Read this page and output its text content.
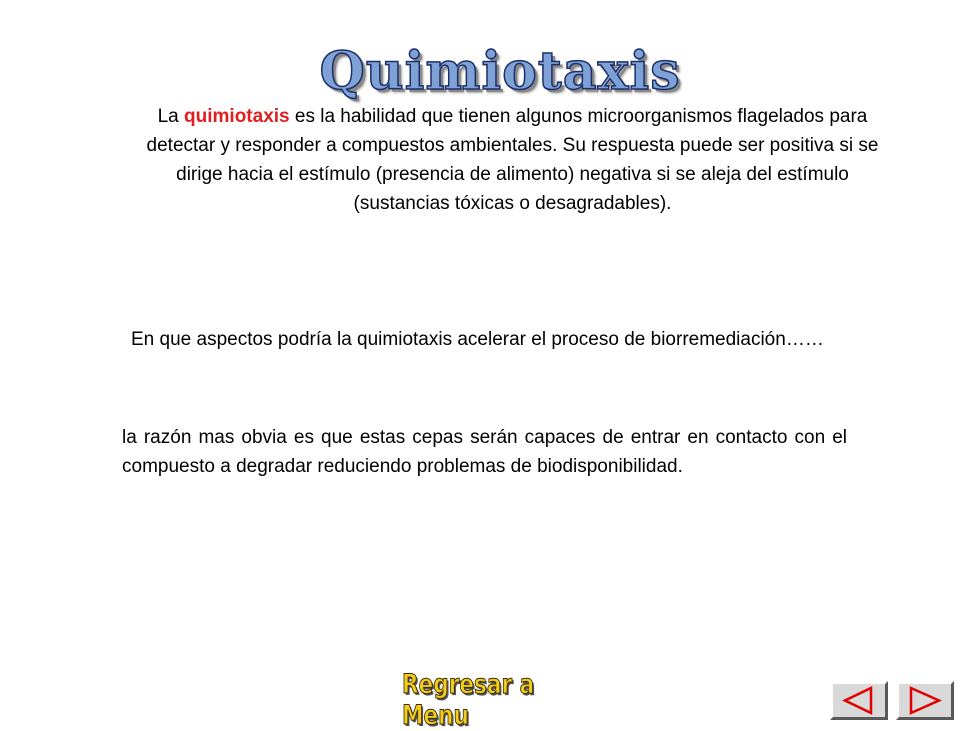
Quimiotaxis

La quimiotaxis es la habilidad que tienen algunos microorganismos flagelados para detectar y responder a compuestos ambientales. Su respuesta puede ser positiva si se dirige hacia el estímulo (presencia de alimento) negativa si se aleja del estímulo (sustancias tóxicas o desagradables).

En que aspectos podría la quimiotaxis acelerar el proceso de biorremediación……

la razón mas obvia es que estas cepas serán capaces de entrar en contacto con el compuesto a degradar reduciendo problemas de biodisponibilidad.

Regresar a Menu
